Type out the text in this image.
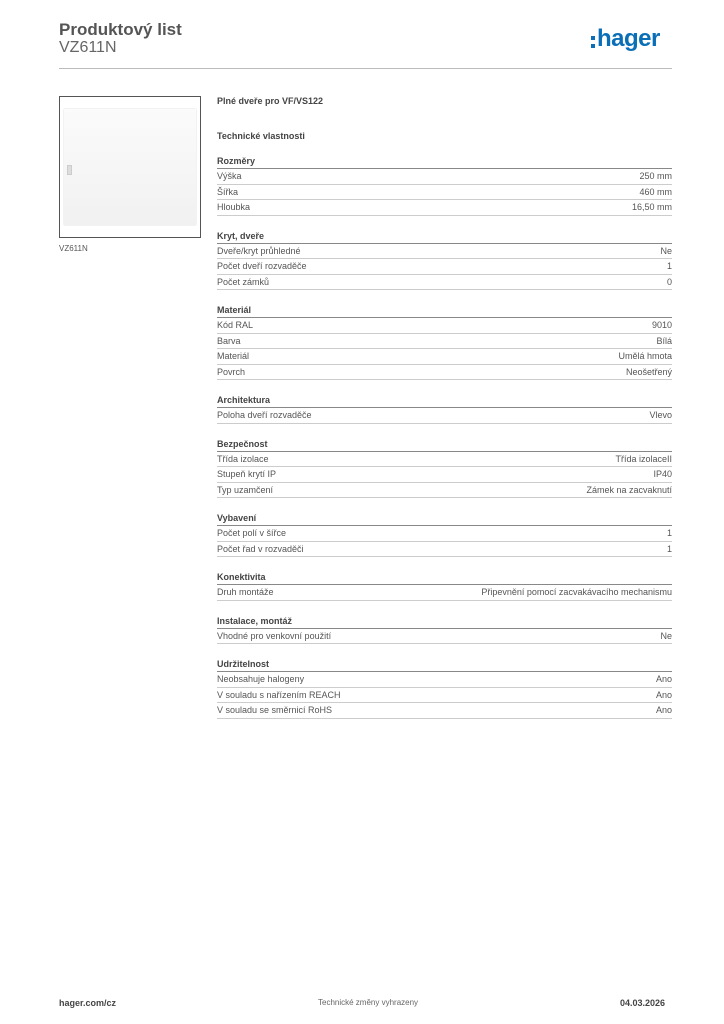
Produktový list
VZ611N	hager
VZ611N
Plné dveře pro VF/VS122
Technické vlastnosti
Rozměry
Výška	250 mm
Šířka	460 mm
Hloubka	16,50 mm
Kryt, dveře
Dveře/kryt průhledné	Ne
Počet dveří rozvaděče	1
Počet zámků	0
Materiál
Kód RAL	9010
Barva	Bílá
Materiál	Umělá hmota
Povrch	Neošetřený
Architektura
Poloha dveří rozvaděče	Vlevo
Bezpečnost
Třída izolace	Třída izolaceII
Stupeň krytí IP	IP40
Typ uzamčení	Zámek na zacvaknutí
Vybavení
Počet polí v šířce	1
Počet řad v rozvaděči	1
Konektivita
Druh montáže	Připevnění pomocí zacvakávacího mechanismu
Instalace, montáž
Vhodné pro venkovní použití	Ne
Udržitelnost
Neobsahuje halogeny	Ano
V souladu s nařízením REACH	Ano
V souladu se směrnicí RoHS	Ano
hager.com/cz	Technické změny vyhrazeny	04.03.2026
